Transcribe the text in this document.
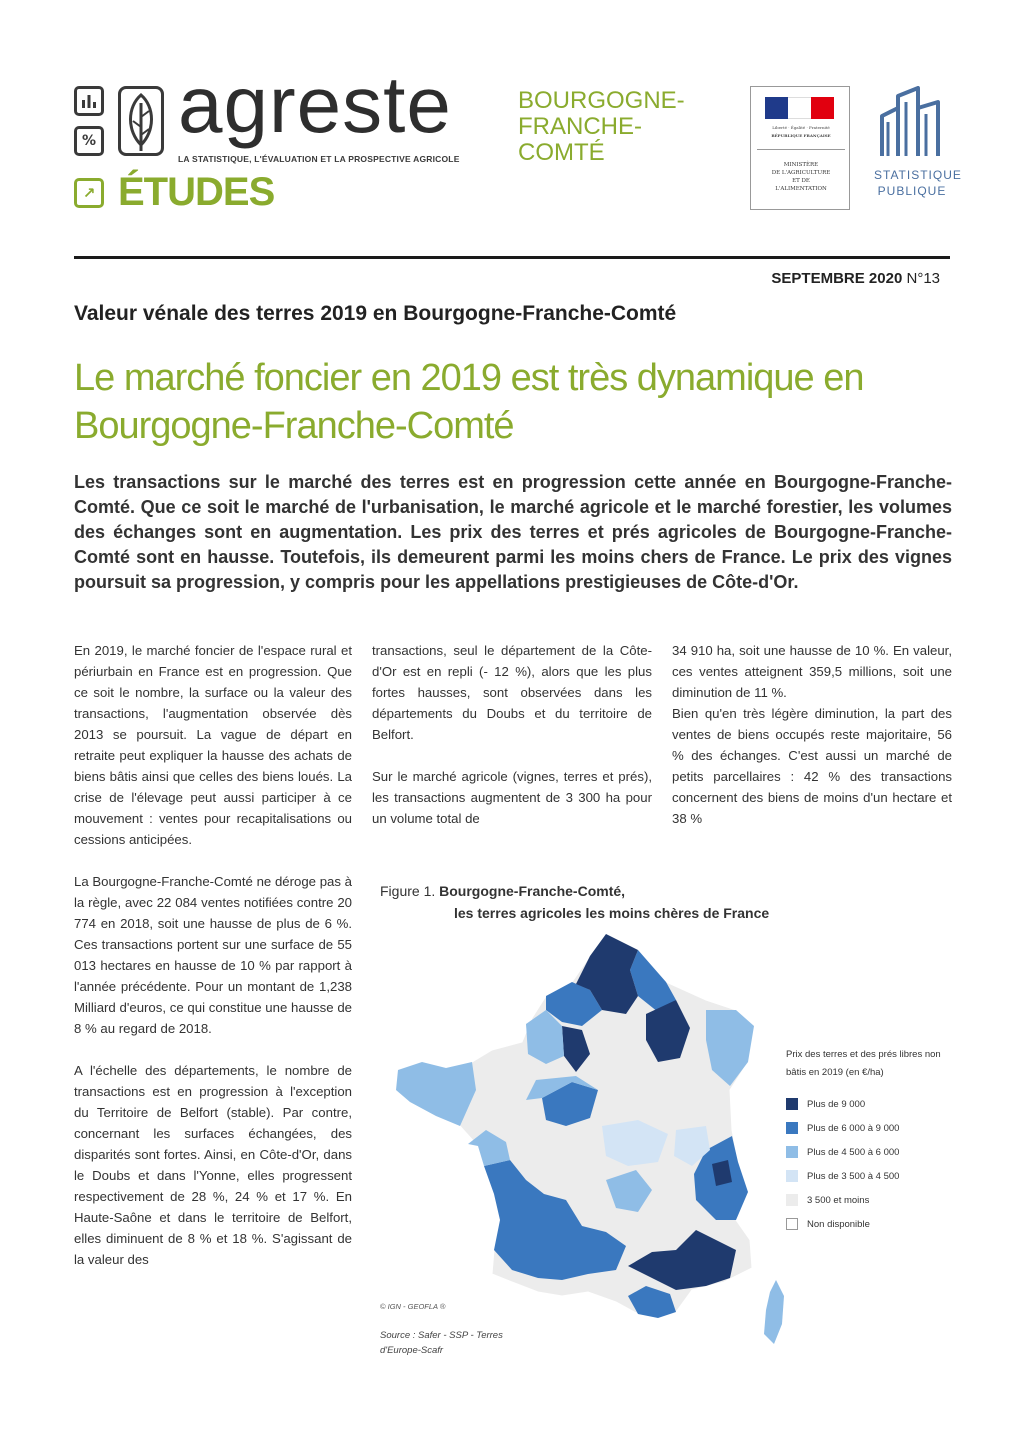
% agreste
LA STATISTIQUE, L'ÉVALUATION ET LA PROSPECTIVE AGRICOLE
↗ ÉTUDES
BOURGOGNE-
FRANCHE-
COMTÉ
Liberté · Égalité · Fraternité
RÉPUBLIQUE FRANÇAISE
MINISTÈRE
DE L'AGRICULTURE
ET DE
L'ALIMENTATION
STATISTIQUE
PUBLIQUE
SEPTEMBRE 2020 N°13
Valeur vénale des terres 2019 en Bourgogne-Franche-Comté
Le marché foncier en 2019 est très dynamique en Bourgogne-Franche-Comté
Les transactions sur le marché des terres est en progression cette année en Bourgogne-Franche-Comté. Que ce soit le marché de l'urbanisation, le marché agricole et le marché forestier, les volumes des échanges sont en augmentation. Les prix des terres et prés agricoles de Bourgogne-Franche-Comté sont en hausse. Toutefois, ils demeurent parmi les moins chers de France. Le prix des vignes poursuit sa progression, y compris pour les appellations prestigieuses de Côte-d'Or.

En 2019, le marché foncier de l'espace rural et périurbain en France est en progression. Que ce soit le nombre, la surface ou la valeur des transactions, l'augmentation observée dès 2013 se poursuit. La vague de départ en retraite peut expliquer la hausse des achats de biens bâtis ainsi que celles des biens loués. La crise de l'élevage peut aussi participer à ce mouvement : ventes pour recapitalisations ou cessions anticipées.

La Bourgogne-Franche-Comté ne déroge pas à la règle, avec 22 084 ventes notifiées contre 20 774 en 2018, soit une hausse de plus de 6 %. Ces transactions portent sur une surface de 55 013 hectares en hausse de 10 % par rapport à l'année précédente. Pour un montant de 1,238 Milliard d'euros, ce qui constitue une hausse de 8 % au regard de 2018.

A l'échelle des départements, le nombre de transactions est en progression à l'exception du Territoire de Belfort (stable). Par contre, concernant les surfaces échangées, des disparités sont fortes. Ainsi, en Côte-d'Or, dans le Doubs et dans l'Yonne, elles progressent respectivement de 28 %, 24 % et 17 %. En Haute-Saône et dans le territoire de Belfort, elles diminuent de 8 % et 18 %. S'agissant de la valeur des

transactions, seul le département de la Côte-d'Or est en repli (- 12 %), alors que les plus fortes hausses, sont observées dans les départements du Doubs et du territoire de Belfort.

Sur le marché agricole (vignes, terres et prés), les transactions augmentent de 3 300 ha pour un volume total de

34 910 ha, soit une hausse de 10 %. En valeur, ces ventes atteignent 359,5 millions, soit une diminution de 11 %.

Bien qu'en très légère diminution, la part des ventes de biens occupés reste majoritaire, 56 % des échanges. C'est aussi un marché de petits parcellaires : 42 % des transactions concernent des biens de moins d'un hectare et 38 %

Figure 1. Bourgogne-Franche-Comté,
les terres agricoles les moins chères de France
Prix des terres et des prés libres non bâtis en 2019 (en €/ha)
Plus de 9 000
Plus de 6 000 à 9 000
Plus de 4 500 à 6 000
Plus de 3 500 à 4 500
3 500 et moins
Non disponible
© IGN - GEOFLA ®
Source : Safer - SSP - Terres d'Europe-Scafr
